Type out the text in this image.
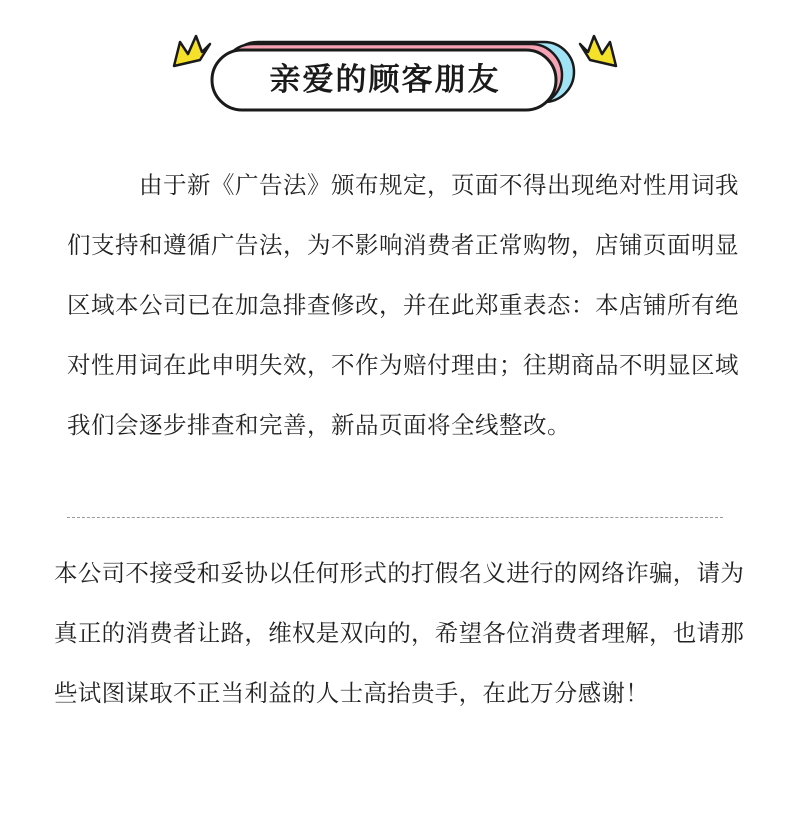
亲爱的顾客朋友

由于新《广告法》颁布规定，页面不得出现绝对性用词我们支持和遵循广告法，为不影响消费者正常购物，店铺页面明显区域本公司已在加急排查修改，并在此郑重表态：本店铺所有绝对性用词在此申明失效，不作为赔付理由；往期商品不明显区域我们会逐步排查和完善，新品页面将全线整改。

本公司不接受和妥协以任何形式的打假名义进行的网络诈骗，请为真正的消费者让路，维权是双向的，希望各位消费者理解，也请那些试图谋取不正当利益的人士高抬贵手，在此万分感谢！
